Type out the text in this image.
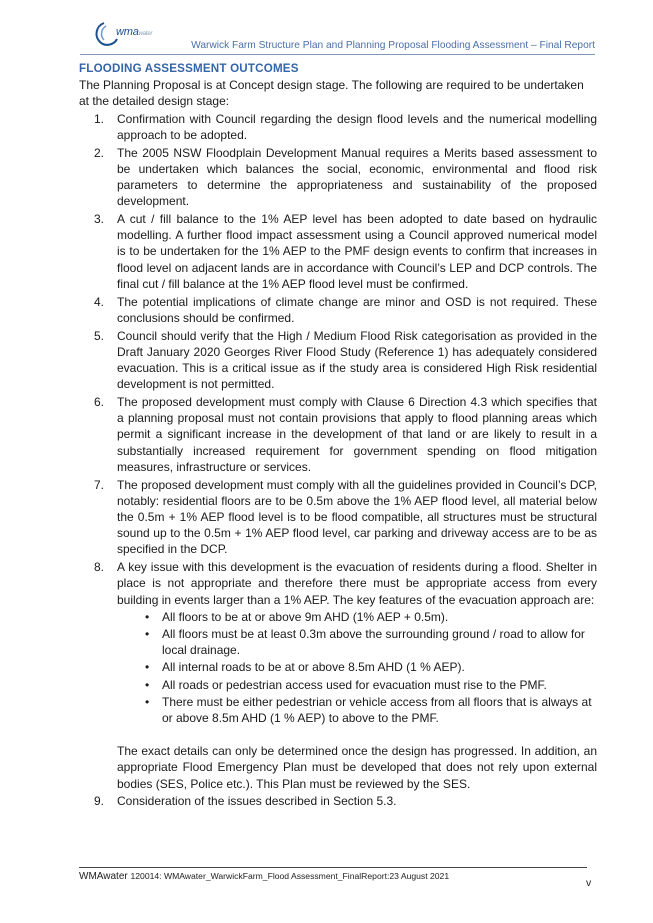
wmawater
Warwick Farm Structure Plan and Planning Proposal Flooding Assessment – Final Report

FLOODING ASSESSMENT OUTCOMES

The Planning Proposal is at Concept design stage. The following are required to be undertaken at the detailed design stage:

1. Confirmation with Council regarding the design flood levels and the numerical modelling approach to be adopted.
2. The 2005 NSW Floodplain Development Manual requires a Merits based assessment to be undertaken which balances the social, economic, environmental and flood risk parameters to determine the appropriateness and sustainability of the proposed development.
3. A cut / fill balance to the 1% AEP level has been adopted to date based on hydraulic modelling. A further flood impact assessment using a Council approved numerical model is to be undertaken for the 1% AEP to the PMF design events to confirm that increases in flood level on adjacent lands are in accordance with Council’s LEP and DCP controls. The final cut / fill balance at the 1% AEP flood level must be confirmed.
4. The potential implications of climate change are minor and OSD is not required. These conclusions should be confirmed.
5. Council should verify that the High / Medium Flood Risk categorisation as provided in the Draft January 2020 Georges River Flood Study (Reference 1) has adequately considered evacuation. This is a critical issue as if the study area is considered High Risk residential development is not permitted.
6. The proposed development must comply with Clause 6 Direction 4.3 which specifies that a planning proposal must not contain provisions that apply to flood planning areas which permit a significant increase in the development of that land or are likely to result in a substantially increased requirement for government spending on flood mitigation measures, infrastructure or services.
7. The proposed development must comply with all the guidelines provided in Council’s DCP, notably: residential floors are to be 0.5m above the 1% AEP flood level, all material below the 0.5m + 1% AEP flood level is to be flood compatible, all structures must be structural sound up to the 0.5m + 1% AEP flood level, car parking and driveway access are to be as specified in the DCP.
8. A key issue with this development is the evacuation of residents during a flood. Shelter in place is not appropriate and therefore there must be appropriate access from every building in events larger than a 1% AEP. The key features of the evacuation approach are:
• All floors to be at or above 9m AHD (1% AEP + 0.5m).
• All floors must be at least 0.3m above the surrounding ground / road to allow for local drainage.
• All internal roads to be at or above 8.5m AHD (1 % AEP).
• All roads or pedestrian access used for evacuation must rise to the PMF.
• There must be either pedestrian or vehicle access from all floors that is always at or above 8.5m AHD (1 % AEP) to above to the PMF.
The exact details can only be determined once the design has progressed. In addition, an appropriate Flood Emergency Plan must be developed that does not rely upon external bodies (SES, Police etc.). This Plan must be reviewed by the SES.
9. Consideration of the issues described in Section 5.3.
WMAwater 120014: WMAwater_WarwickFarm_Flood Assessment_FinalReport:23 August 2021
v
